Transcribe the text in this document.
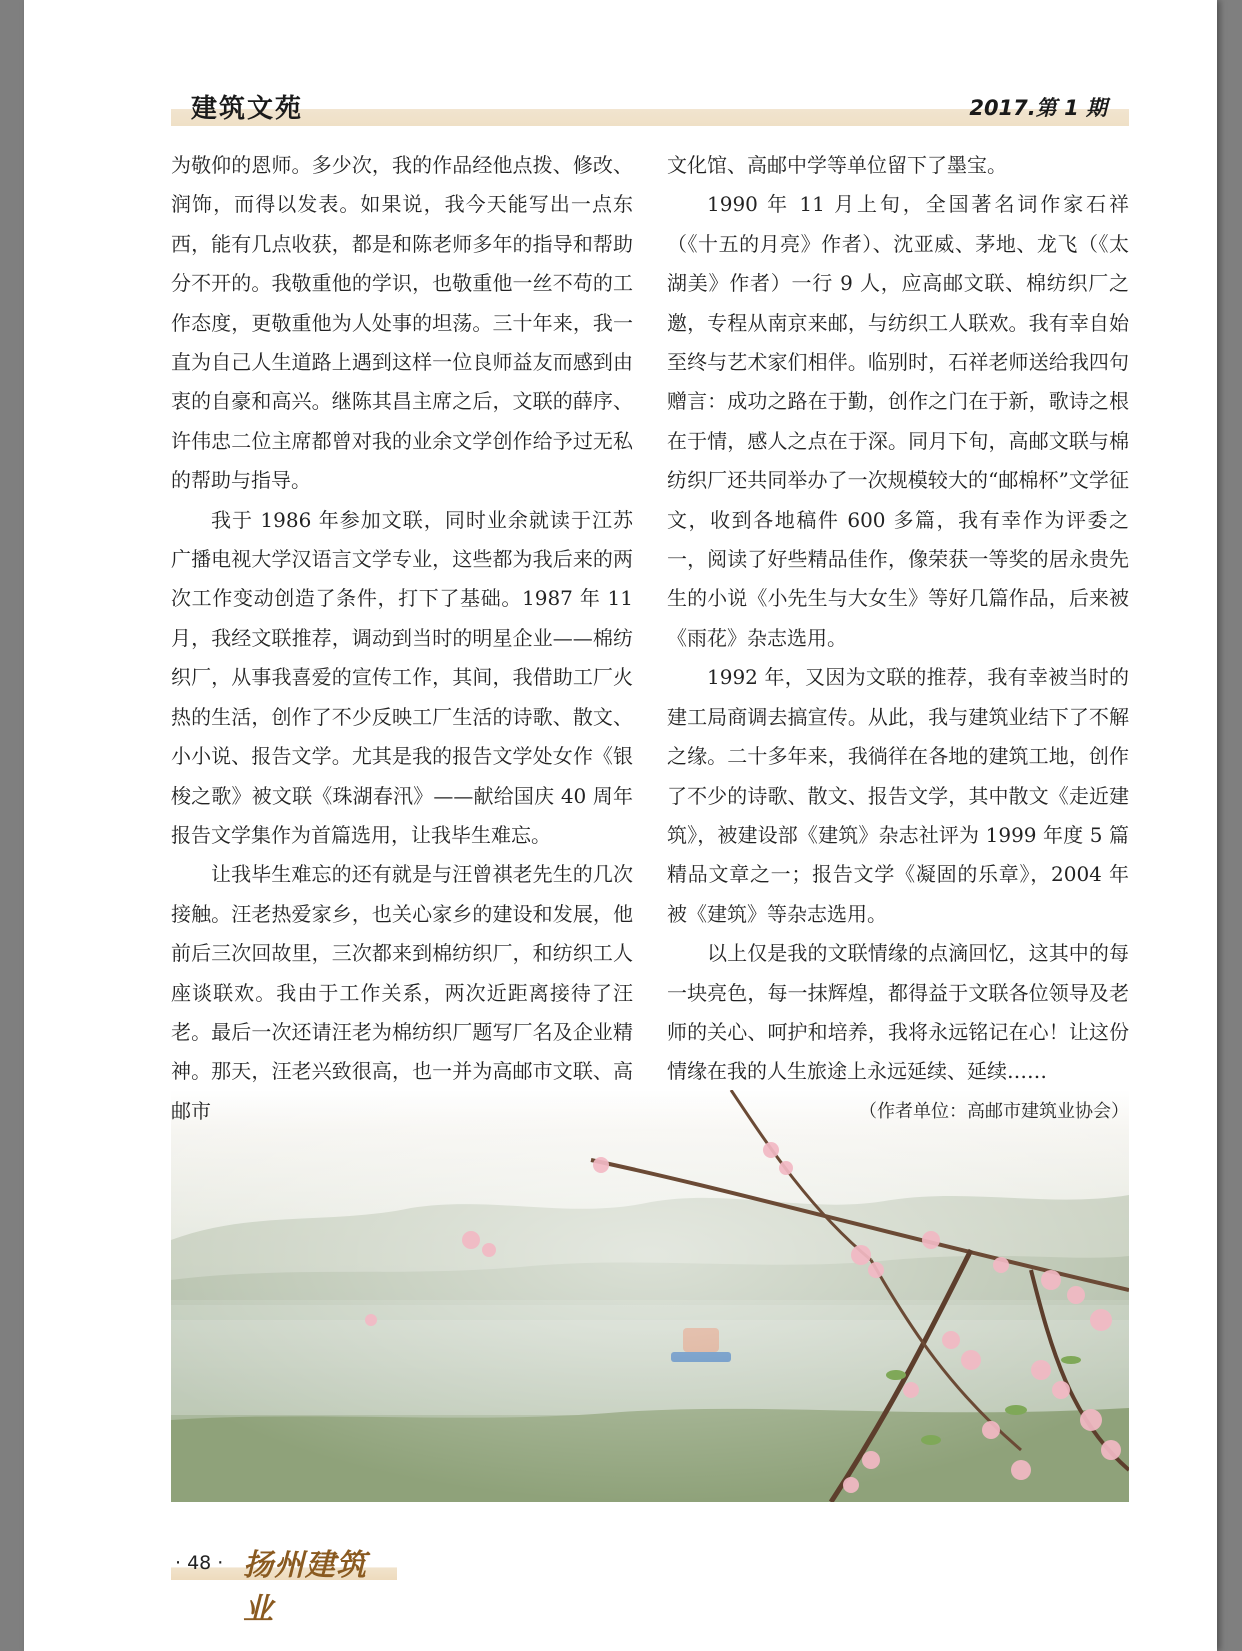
建筑文苑	2017.第 1 期

为敬仰的恩师。多少次，我的作品经他点拨、修改、润饰，而得以发表。如果说，我今天能写出一点东西，能有几点收获，都是和陈老师多年的指导和帮助分不开的。我敬重他的学识，也敬重他一丝不苟的工作态度，更敬重他为人处事的坦荡。三十年来，我一直为自己人生道路上遇到这样一位良师益友而感到由衷的自豪和高兴。继陈其昌主席之后，文联的薛序、许伟忠二位主席都曾对我的业余文学创作给予过无私的帮助与指导。

我于 1986 年参加文联，同时业余就读于江苏广播电视大学汉语言文学专业，这些都为我后来的两次工作变动创造了条件，打下了基础。1987 年 11 月，我经文联推荐，调动到当时的明星企业——棉纺织厂，从事我喜爱的宣传工作，其间，我借助工厂火热的生活，创作了不少反映工厂生活的诗歌、散文、小小说、报告文学。尤其是我的报告文学处女作《银梭之歌》被文联《珠湖春汛》——献给国庆 40 周年报告文学集作为首篇选用，让我毕生难忘。

让我毕生难忘的还有就是与汪曾祺老先生的几次接触。汪老热爱家乡，也关心家乡的建设和发展，他前后三次回故里，三次都来到棉纺织厂，和纺织工人座谈联欢。我由于工作关系，两次近距离接待了汪老。最后一次还请汪老为棉纺织厂题写厂名及企业精神。那天，汪老兴致很高，也一并为高邮市文联、高邮市

文化馆、高邮中学等单位留下了墨宝。

1990 年 11 月上旬，全国著名词作家石祥（《十五的月亮》作者）、沈亚威、茅地、龙飞（《太湖美》作者）一行 9 人，应高邮文联、棉纺织厂之邀，专程从南京来邮，与纺织工人联欢。我有幸自始至终与艺术家们相伴。临别时，石祥老师送给我四句赠言：成功之路在于勤，创作之门在于新，歌诗之根在于情，感人之点在于深。同月下旬，高邮文联与棉纺织厂还共同举办了一次规模较大的“邮棉杯”文学征文，收到各地稿件 600 多篇，我有幸作为评委之一，阅读了好些精品佳作，像荣获一等奖的居永贵先生的小说《小先生与大女生》等好几篇作品，后来被《雨花》杂志选用。

1992 年，又因为文联的推荐，我有幸被当时的建工局商调去搞宣传。从此，我与建筑业结下了不解之缘。二十多年来，我徜徉在各地的建筑工地，创作了不少的诗歌、散文、报告文学，其中散文《走近建筑》，被建设部《建筑》杂志社评为 1999 年度 5 篇精品文章之一；报告文学《凝固的乐章》，2004 年被《建筑》等杂志选用。

以上仅是我的文联情缘的点滴回忆，这其中的每一块亮色，每一抹辉煌，都得益于文联各位领导及老师的关心、呵护和培养，我将永远铭记在心！让这份情缘在我的人生旅途上永远延续、延续……

（作者单位：高邮市建筑业协会）

· 48 · 扬州建筑业
